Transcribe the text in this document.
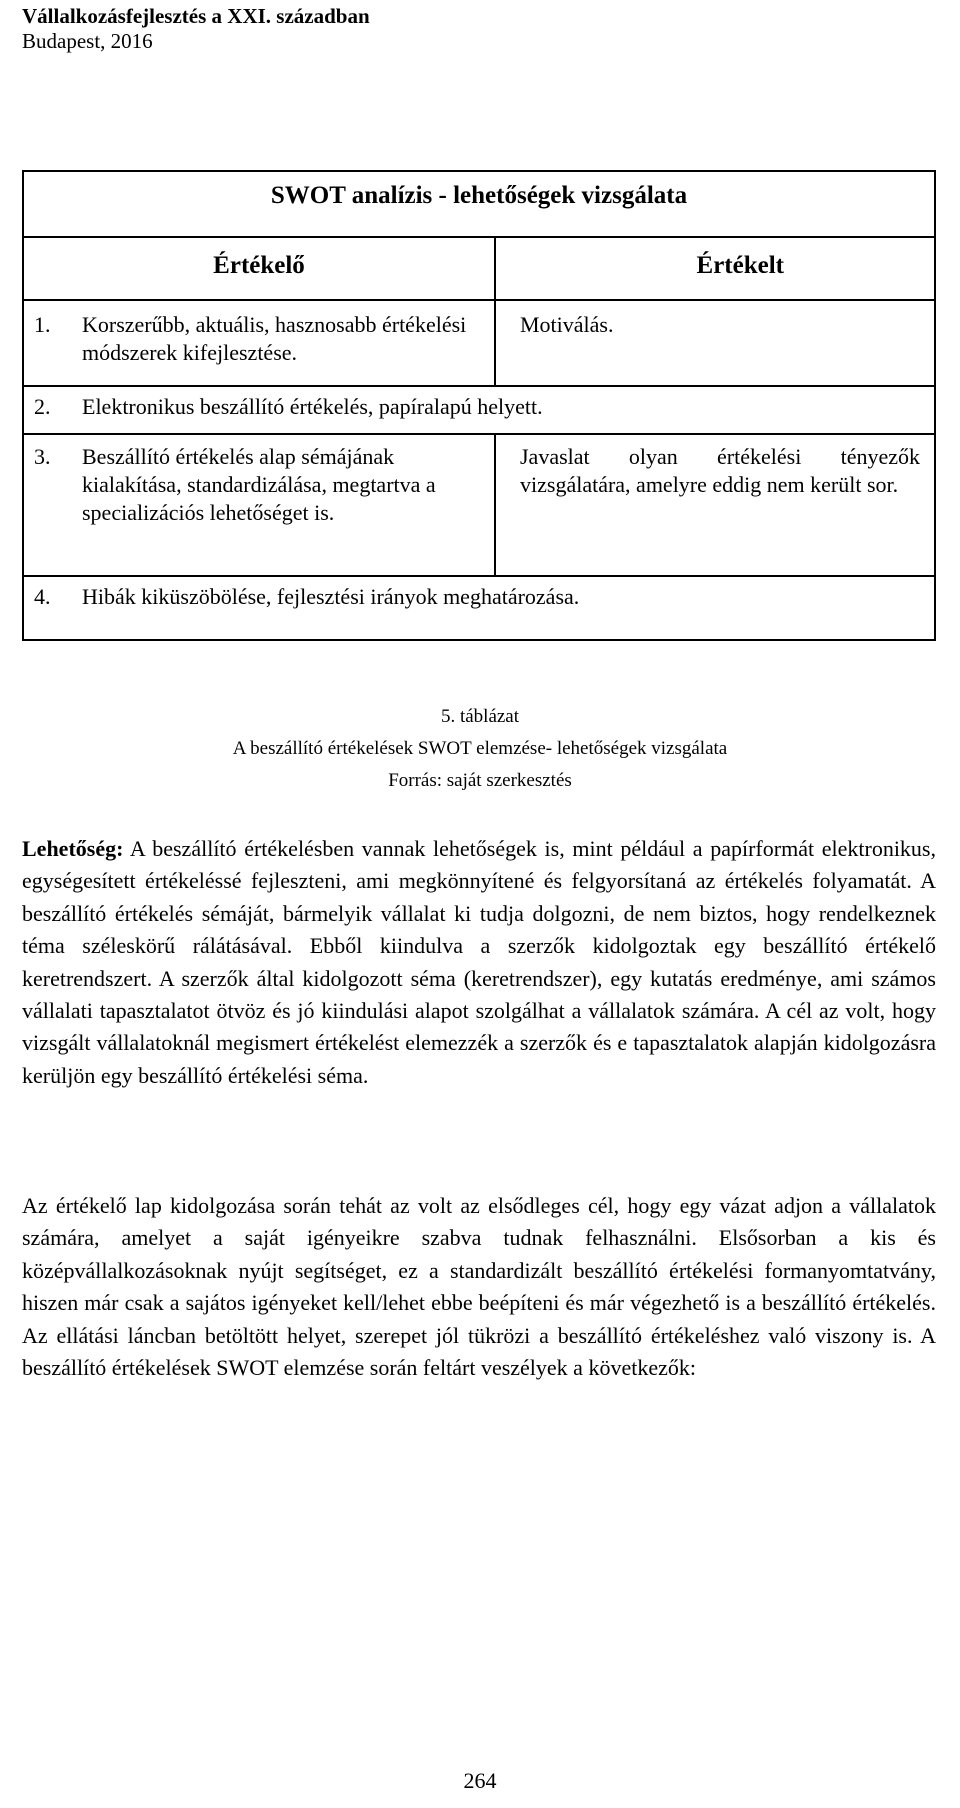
Vállalkozásfejlesztés a XXI. században
Budapest, 2016
SWOT analízis - lehetőségek vizsgálata	
Értékelő	Értékelt

1. Korszerűbb, aktuális, hasznosabb értékelési módszerek kifejlesztése.	Motiválás.

2. Elektronikus beszállító értékelés, papíralapú helyett.	

3. Beszállító értékelés alap sémájának kialakítása, standardizálása, megtartva a specializációs lehetőséget is.	Javaslat olyan értékelési tényezők vizsgálatára, amelyre eddig nem került sor.

4. Hibák kiküszöbölése, fejlesztési irányok meghatározása.	
5. táblázat
A beszállító értékelések SWOT elemzése- lehetőségek vizsgálata
Forrás: saját szerkesztés
Lehetőség: A beszállító értékelésben vannak lehetőségek is, mint például a papírformát elektronikus, egységesített értékeléssé fejleszteni, ami megkönnyítené és felgyorsítaná az értékelés folyamatát. A beszállító értékelés sémáját, bármelyik vállalat ki tudja dolgozni, de nem biztos, hogy rendelkeznek téma széleskörű rálátásával. Ebből kiindulva a szerzők kidolgoztak egy beszállító értékelő keretrendszert. A szerzők által kidolgozott séma (keretrendszer), egy kutatás eredménye, ami számos vállalati tapasztalatot ötvöz és jó kiindulási alapot szolgálhat a vállalatok számára. A cél az volt, hogy vizsgált vállalatoknál megismert értékelést elemezzék a szerzők és e tapasztalatok alapján kidolgozásra kerüljön egy beszállító értékelési séma.
Az értékelő lap kidolgozása során tehát az volt az elsődleges cél, hogy egy vázat adjon a vállalatok számára, amelyet a saját igényeikre szabva tudnak felhasználni. Elsősorban a kis és középvállalkozásoknak nyújt segítséget, ez a standardizált beszállító értékelési formanyomtatvány, hiszen már csak a sajátos igényeket kell/lehet ebbe beépíteni és már végezhető is a beszállító értékelés. Az ellátási láncban betöltött helyet, szerepet jól tükrözi a beszállító értékeléshez való viszony is. A beszállító értékelések SWOT elemzése során feltárt veszélyek a következők:
264
